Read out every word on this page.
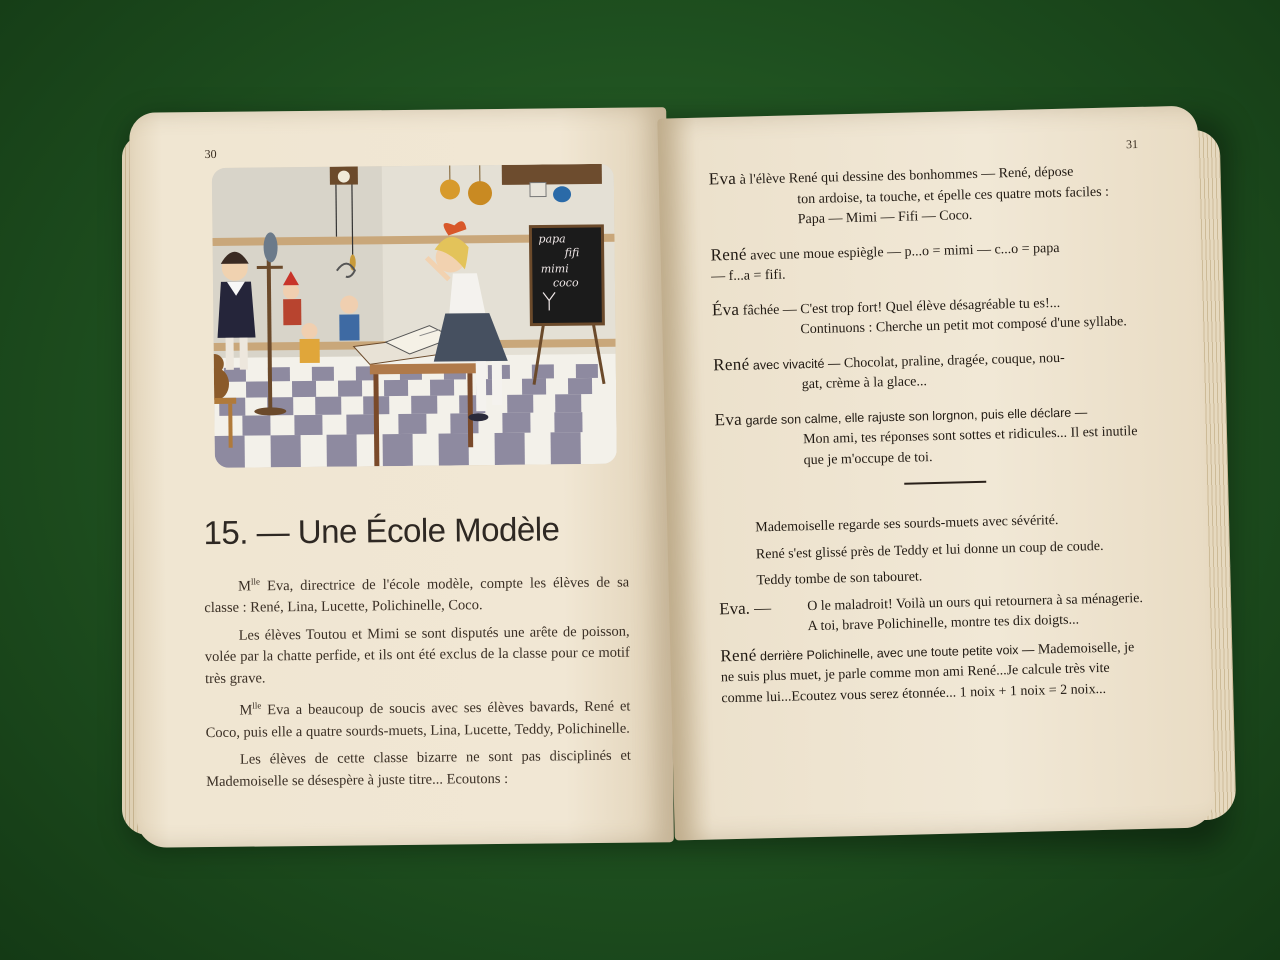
30
papa
fifi
mimi
coco
15. — Une École Modèle

$M^{lle}$ Eva, directrice de l'école modèle, compte les élèves de sa classe : René, Lina, Lucette, Polichinelle, Coco.

Les élèves Toutou et Mimi se sont disputés une arête de poisson, volée par la chatte perfide, et ils ont été exclus de la classe pour ce motif très grave.

$M^{lle}$ Eva a beaucoup de soucis avec ses élèves bavards, René et Coco, puis elle a quatre sourds-muets, Lina, Lucette, Teddy, Polichinelle.

Les élèves de cette classe bizarre ne sont pas disciplinés et Mademoiselle se désespère à juste titre... Ecoutons :

31
Eva à l'élève René qui dessine des bonhommes — René, dépose
ton ardoise, ta touche, et épelle ces quatre mots faciles : Papa — Mimi — Fifi — Coco.
René avec une moue espiègle — p...o = mimi — c...o = papa
— f...a = fifi.
Éva fâchée — C'est trop fort! Quel élève désagréable tu es!...
Continuons : Cherche un petit mot composé d'une syllabe.
René avec vivacité — Chocolat, praline, dragée, couque, nou-
gat, crème à la glace...
Eva garde son calme, elle rajuste son lorgnon, puis elle déclare —
Mon ami, tes réponses sont sottes et ridicules... Il est inutile que je m'occupe de toi.

Mademoiselle regarde ses sourds-muets avec sévérité.

René s'est glissé près de Teddy et lui donne un coup de coude.

Teddy tombe de son tabouret.

Eva. —	O le maladroit! Voilà un ours qui retournera à sa ménagerie. A toi, brave Polichinelle, montre tes dix doigts...
René derrière Polichinelle, avec une toute petite voix — Mademoiselle, je ne suis plus muet, je parle comme mon ami René...Je calcule très vite comme lui...Ecoutez vous serez étonnée... 1 noix + 1 noix = 2 noix...
